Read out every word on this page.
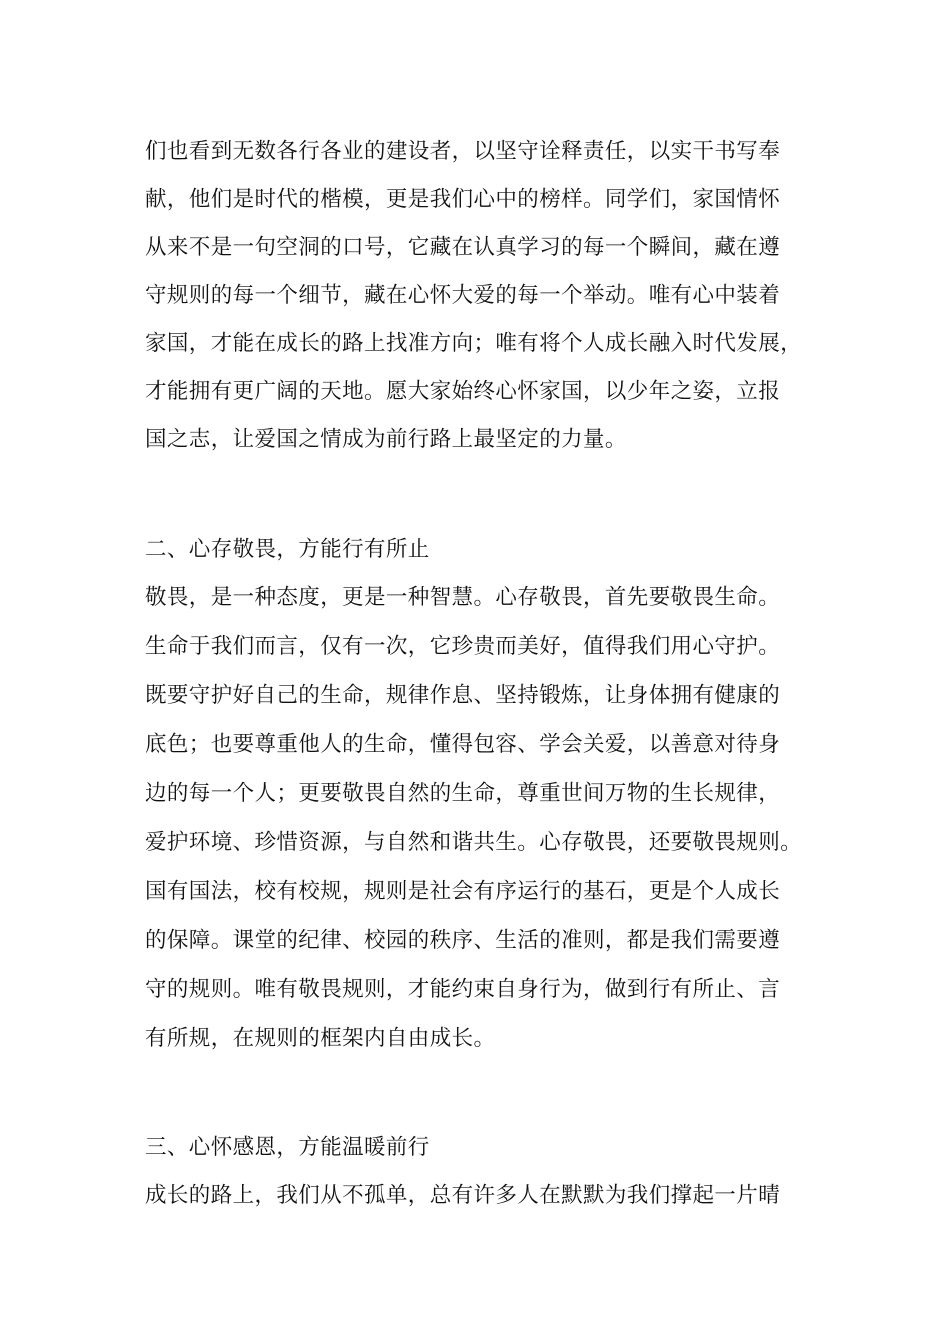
们也看到无数各行各业的建设者，以坚守诠释责任，以实干书写奉
献，他们是时代的楷模，更是我们心中的榜样。同学们，家国情怀
从来不是一句空洞的口号，它藏在认真学习的每一个瞬间，藏在遵
守规则的每一个细节，藏在心怀大爱的每一个举动。唯有心中装着
家国，才能在成长的路上找准方向；唯有将个人成长融入时代发展，
才能拥有更广阔的天地。愿大家始终心怀家国，以少年之姿，立报
国之志，让爱国之情成为前行路上最坚定的力量。
二、心存敬畏，方能行有所止
敬畏，是一种态度，更是一种智慧。心存敬畏，首先要敬畏生命。
生命于我们而言，仅有一次，它珍贵而美好，值得我们用心守护。
既要守护好自己的生命，规律作息、坚持锻炼，让身体拥有健康的
底色；也要尊重他人的生命，懂得包容、学会关爱，以善意对待身
边的每一个人；更要敬畏自然的生命，尊重世间万物的生长规律，
爱护环境、珍惜资源，与自然和谐共生。心存敬畏，还要敬畏规则。
国有国法，校有校规，规则是社会有序运行的基石，更是个人成长
的保障。课堂的纪律、校园的秩序、生活的准则，都是我们需要遵
守的规则。唯有敬畏规则，才能约束自身行为，做到行有所止、言
有所规，在规则的框架内自由成长。
三、心怀感恩，方能温暖前行
成长的路上，我们从不孤单，总有许多人在默默为我们撑起一片晴
